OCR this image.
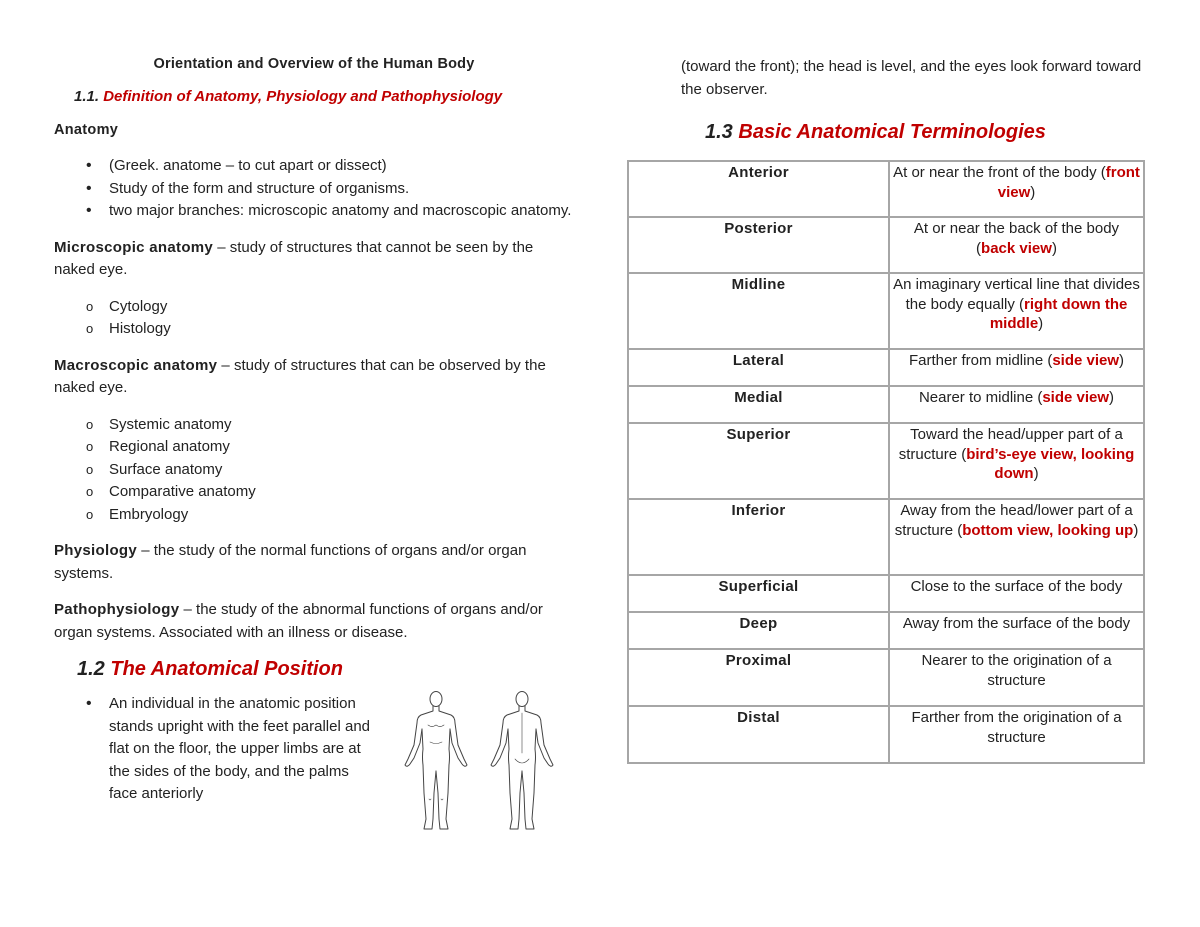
Orientation and Overview of the Human Body
1.1. Definition of Anatomy, Physiology and Pathophysiology
Anatomy
• (Greek. anatome – to cut apart or dissect)
• Study of the form and structure of organisms.
• two major branches: microscopic anatomy and macroscopic anatomy.

Microscopic anatomy – study of structures that cannot be seen by the naked eye.

o Cytology
o Histology

Macroscopic anatomy – study of structures that can be observed by the naked eye.

o Systemic anatomy
o Regional anatomy
o Surface anatomy
o Comparative anatomy
o Embryology

Physiology – the study of the normal functions of organs and/or organ systems.

Pathophysiology – the study of the abnormal functions of organs and/or organ systems. Associated with an illness or disease.

1.2 The Anatomical Position
• An individual in the anatomic position stands upright with the feet parallel and flat on the floor, the upper limbs are at the sides of the body, and the palms face anteriorly
(toward the front); the head is level, and the eyes look forward toward the observer.
1.3 Basic Anatomical Terminologies
Anterior	At or near the front of the body (front view)
Posterior	At or near the back of the body (back view)
Midline	An imaginary vertical line that divides the body equally (right down the middle)
Lateral	Farther from midline (side view)
Medial	Nearer to midline (side view)
Superior	Toward the head/upper part of a structure (bird’s-eye view, looking down)
Inferior	Away from the head/lower part of a structure (bottom view, looking up)
Superficial	Close to the surface of the body
Deep	Away from the surface of the body
Proximal	Nearer to the origination of a structure
Distal	Farther from the origination of a structure
